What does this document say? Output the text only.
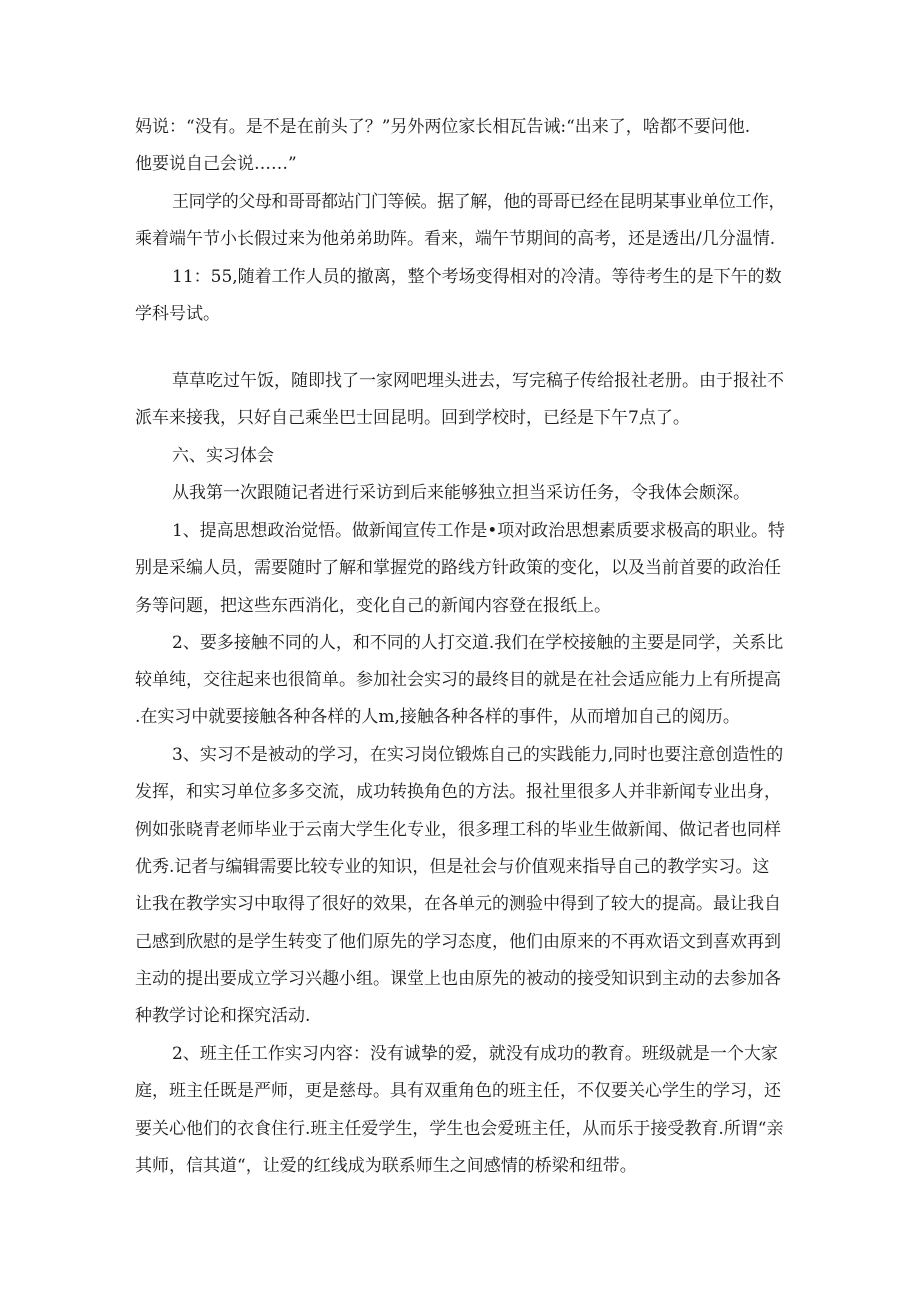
妈说：“没有。是不是在前头了？”另外两位家长相瓦告诫:“出来了，啥都不要问他.
他要说自己会说……”
王同学的父母和哥哥都站门门等候。据了解，他的哥哥已经在昆明某事业单位工作，
乘着端午节小长假过来为他弟弟助阵。看来，端午节期间的高考，还是透出/几分温情.
11：55,随着工作人员的撤离，整个考场变得相对的冷清。等待考生的是下午的数
学科号试。
草草吃过午饭，随即找了一家网吧埋头进去，写完稿子传给报社老册。由于报社不
派车来接我，只好自己乘坐巴士回昆明。回到学校时，已经是下午7点了。
六、实习体会
从我第一次跟随记者进行采访到后来能够独立担当采访任务，令我体会颇深。
1、提高思想政治觉悟。做新闻宣传工作是•项对政治思想素质要求极高的职业。特
别是采编人员，需要随时了解和掌握党的路线方针政策的变化，以及当前首要的政治任
务等问题，把这些东西消化，变化自己的新闻内容登在报纸上。
2、要多接触不同的人，和不同的人打交道.我们在学校接触的主要是同学，关系比
较单纯，交往起来也很简单。参加社会实习的最终目的就是在社会适应能力上有所提高
.在实习中就要接触各种各样的人m,接触各种各样的事件，从而增加自己的阅历。
3、实习不是被动的学习，在实习岗位锻炼自己的实践能力,同时也要注意创造性的
发挥，和实习单位多多交流，成功转换角色的方法。报社里很多人并非新闻专业出身，
例如张晓青老师毕业于云南大学生化专业，很多理工科的毕业生做新闻、做记者也同样
优秀.记者与编辑需要比较专业的知识，但是社会与价值观来指导自己的教学实习。这
让我在教学实习中取得了很好的效果，在各单元的测验中得到了较大的提高。最让我自
己感到欣慰的是学生转变了他们原先的学习态度，他们由原来的不再欢语文到喜欢再到
主动的提出要成立学习兴趣小组。课堂上也由原先的被动的接受知识到主动的去参加各
种教学讨论和探究活动.
2、班主任工作实习内容：没有诚挚的爱，就没有成功的教育。班级就是一个大家
庭，班主任既是严师，更是慈母。具有双重角色的班主任，不仅要关心学生的学习，还
要关心他们的衣食住行.班主任爱学生，学生也会爱班主任，从而乐于接受教育.所谓“亲
其师，信其道“，让爱的红线成为联系师生之间感情的桥梁和纽带。
